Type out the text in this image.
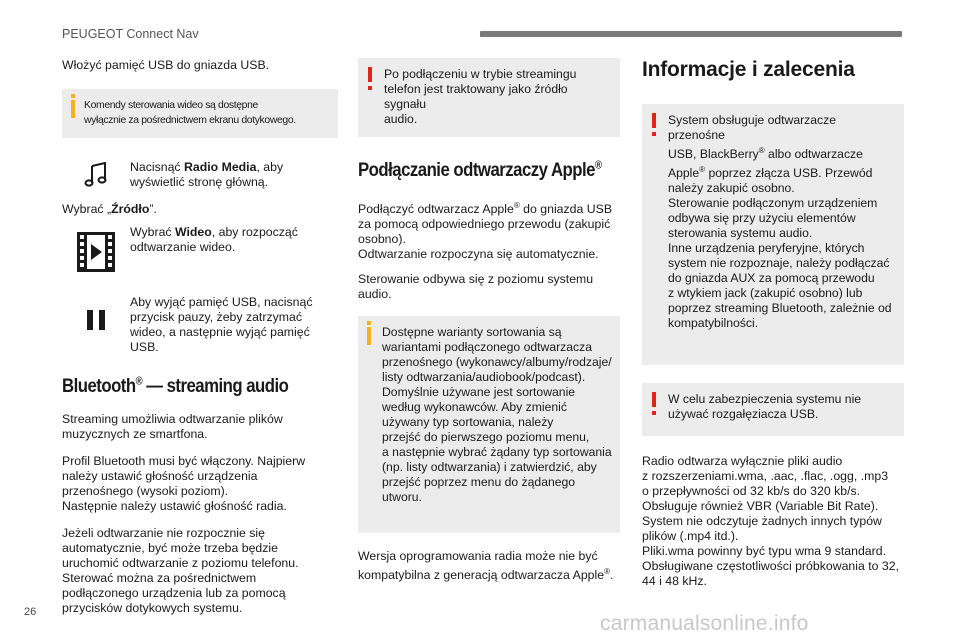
PEUGEOT Connect Nav

Włożyć pamięć USB do gniazda USB.

Komendy sterowania wideo są dostępne
wyłącznie za pośrednictwem ekranu dotykowego.
Nacisnąć Radio Media, aby
wyświetlić stronę główną.

Wybrać „Źródło”.

Wybrać Wideo, aby rozpocząć
odtwarzanie wideo.
Aby wyjąć pamięć USB, nacisnąć
przycisk pauzy, żeby zatrzymać
wideo, a następnie wyjąć pamięć
USB.
Bluetooth® — streaming audio

Streaming umożliwia odtwarzanie plików
muzycznych ze smartfona.

Profil Bluetooth musi być włączony. Najpierw
należy ustawić głośność urządzenia
przenośnego (wysoki poziom).
Następnie należy ustawić głośność radia.

Jeżeli odtwarzanie nie rozpocznie się
automatycznie, być może trzeba będzie
uruchomić odtwarzanie z poziomu telefonu.
Sterować można za pośrednictwem
podłączonego urządzenia lub za pomocą
przycisków dotykowych systemu.

Po podłączeniu w trybie streamingu
telefon jest traktowany jako źródło sygnału
audio.
Podłączanie odtwarzaczy Apple®

Podłączyć odtwarzacz Apple® do gniazda USB
za pomocą odpowiedniego przewodu (zakupić
osobno).
Odtwarzanie rozpoczyna się automatycznie.

Sterowanie odbywa się z poziomu systemu
audio.

Dostępne warianty sortowania są
wariantami podłączonego odtwarzacza
przenośnego (wykonawcy/albumy/rodzaje/
listy odtwarzania/audiobook/podcast).
Domyślnie używane jest sortowanie
według wykonawców. Aby zmienić
używany typ sortowania, należy
przejść do pierwszego poziomu menu,
a następnie wybrać żądany typ sortowania
(np. listy odtwarzania) i zatwierdzić, aby
przejść poprzez menu do żądanego
utworu.

Wersja oprogramowania radia może nie być
kompatybilna z generacją odtwarzacza Apple®.

Informacje i zalecenia
System obsługuje odtwarzacze przenośne
USB, BlackBerry® albo odtwarzacze
Apple® poprzez złącza USB. Przewód
należy zakupić osobno.
Sterowanie podłączonym urządzeniem
odbywa się przy użyciu elementów
sterowania systemu audio.
Inne urządzenia peryferyjne, których
system nie rozpoznaje, należy podłączać
do gniazda AUX za pomocą przewodu
z wtykiem jack (zakupić osobno) lub
poprzez streaming Bluetooth, zależnie od
kompatybilności.
W celu zabezpieczenia systemu nie
używać rozgałęziacza USB.

Radio odtwarza wyłącznie pliki audio
z rozszerzeniami.wma, .aac, .flac, .ogg, .mp3
o przepływności od 32 kb/s do 320 kb/s.
Obsługuje również VBR (Variable Bit Rate).
System nie odczytuje żadnych innych typów
plików (.mp4 itd.).
Pliki.wma powinny być typu wma 9 standard.
Obsługiwane częstotliwości próbkowania to 32,
44 i 48 kHz.

26	carmanualsonline.info
